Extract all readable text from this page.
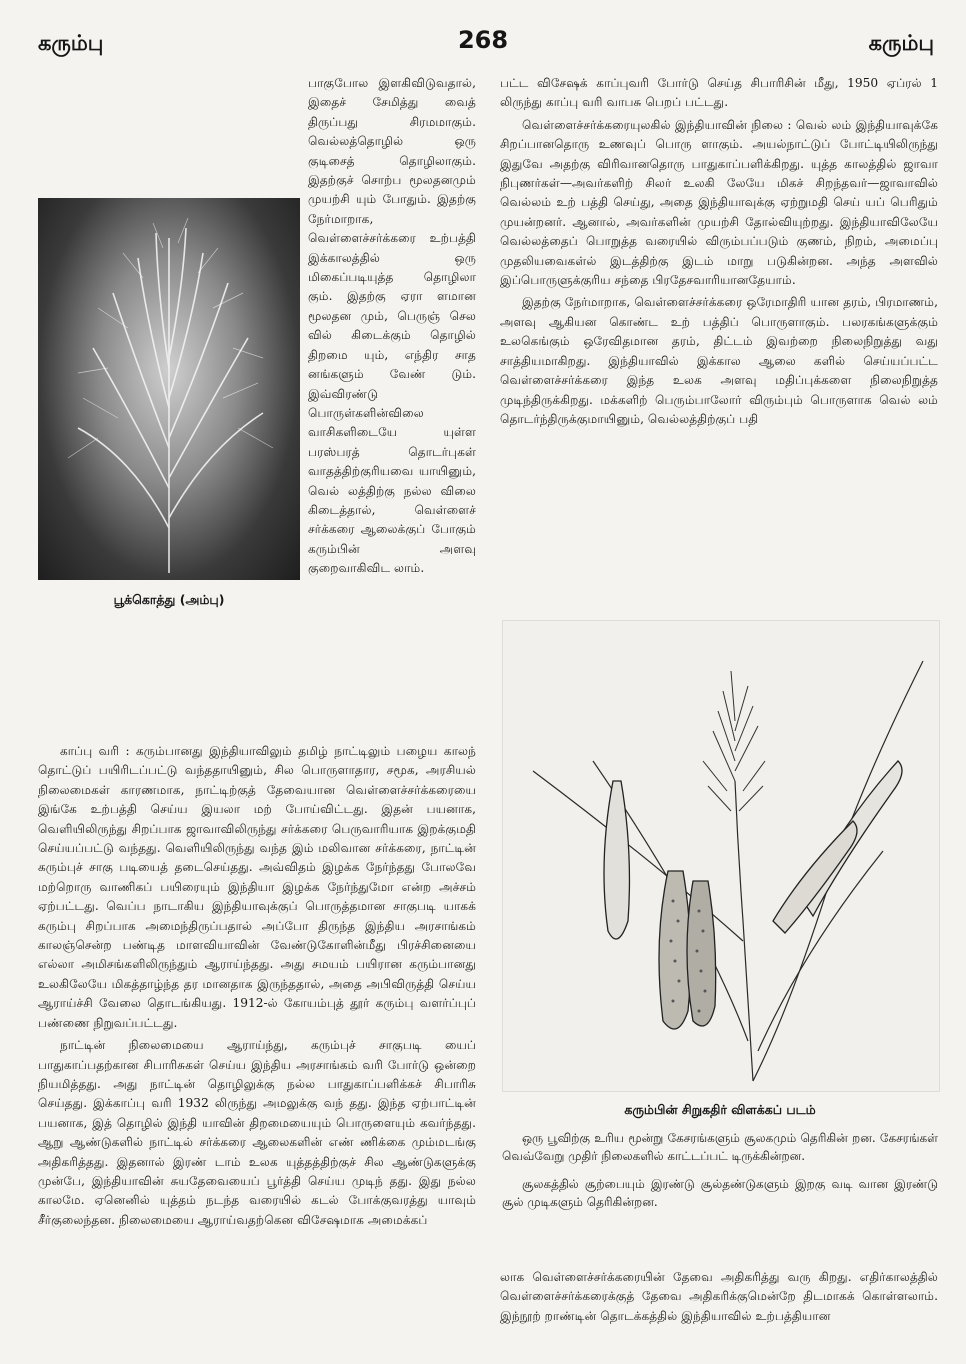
கரும்பு	268	கரும்பு
பூக்கொத்து (அம்பு)

பாகுபோல இளகிவிடுவதால், இதைச் சேமித்து வைத் திருப்பது சிரமமாகும். வெல்லத்தொழில் ஒரு குடிசைத் தொழிலாகும். இதற்குச் சொற்ப மூலதனமும் முயற்சி யும் போதும். இதற்கு நேர்மாறாக, வெள்ளைச்சர்க்கரை உற்பத்தி இக்காலத்தில் ஒரு மிகைப்படியுத்த தொழிலா கும். இதற்கு ஏரா ளமான மூலதன மும், பெருஞ் செல வில் கிடைக்கும் தொழில் திறமை யும், எந்திர சாத னங்களும் வேண் டும். இவ்விரண்டு பொருள்களின்விலை வாசிகளிடையே யுள்ள பரஸ்பரத் தொடர்புகள் வாதத்திற்குரியவை யாயினும், வெல் லத்திற்கு நல்ல விலை கிடைத்தால், வெள்ளைச் சர்க்கரை ஆலைக்குப் போகும் கரும்பின் அளவு குறைவாகிவிட லாம்.

காப்பு வரி : கரும்பானது இந்தியாவிலும் தமிழ் நாட்டிலும் பழைய காலந் தொட்டுப் பயிரிடப்பட்டு வந்ததாயினும், சில பொருளாதார, சமூக, அரசியல் நிலைமைகள் காரணமாக, நாட்டிற்குத் தேவையான வெள்ளைச்சர்க்கரையை இங்கே உற்பத்தி செய்ய இயலா மற் போய்விட்டது. இதன் பயனாக, வெளியிலிருந்து சிறப்பாக ஜாவாவிலிருந்து சர்க்கரை பெருவாரியாக இறக்குமதி செய்யப்பட்டு வந்தது. வெளியிலிருந்து வந்த இம் மலிவான சர்க்கரை, நாட்டின் கரும்புச் சாகு படியைத் தடைசெய்தது. அவ்விதம் இழக்க நேர்ந்தது போலவே மற்றொரு வாணிகப் பயிரையும் இந்தியா இழக்க நேர்ந்துமோ என்ற அச்சம் ஏற்பட்டது. வெப்ப நாடாகிய இந்தியாவுக்குப் பொருத்தமான சாகுபடி யாகக் கரும்பு சிறப்பாக அமைந்திருப்பதால் அப்போ திருந்த இந்திய அரசாங்கம் காலஞ்சென்ற பண்டித மாளவியாவின் வேண்டுகோளின்மீது பிரச்சினையை எல்லா அமிசங்களிலிருந்தும் ஆராய்ந்தது. அது சமயம் பயிரான கரும்பானது உலகிலேயே மிகத்தாழ்ந்த தர மானதாக இருந்ததால், அதை அபிவிருத்தி செய்ய ஆராய்ச்சி வேலை தொடங்கியது. 1912-ல் கோயம்புத் தூர் கரும்பு வளர்ப்புப் பண்ணை நிறுவப்பட்டது.

நாட்டின் நிலைமையை ஆராய்ந்து, கரும்புச் சாகுபடி யைப் பாதுகாப்பதற்கான சிபாரிசுகள் செய்ய இந்திய அரசாங்கம் வரி போர்டு ஒன்றை நியமித்தது. அது நாட்டின் தொழிலுக்கு நல்ல பாதுகாப்பளிக்கச் சிபாரிசு செய்தது. இக்காப்பு வரி 1932 லிருந்து அமலுக்கு வந் தது. இந்த ஏற்பாட்டின் பயனாக, இத் தொழில் இந்தி யாவின் திறமையையும் பொருளையும் கவர்ந்தது. ஆறு ஆண்டுகளில் நாட்டில் சர்க்கரை ஆலைகளின் எண் ணிக்கை மும்மடங்கு அதிகரித்தது. இதனால் இரண் டாம் உலக யுத்தத்திற்குச் சில ஆண்டுகளுக்கு முன்பே, இந்தியாவின் சுயதேவையைப் பூர்த்தி செய்ய முடிந் தது. இது நல்ல காலமே. ஏனெனில் யுத்தம் நடந்த வரையில் கடல் போக்குவரத்து யாவும் சீர்குலைந்தன. நிலைமையை ஆராய்வதற்கென விசேஷமாக அமைக்கப்

பட்ட விசேஷக் காப்புவரி போர்டு செய்த சிபாரிசின் மீது, 1950 ஏப்ரல் 1 லிருந்து காப்பு வரி வாபசு பெறப் பட்டது.

வெள்ளைச்சர்க்கரையுலகில் இந்தியாவின் நிலை : வெல் லம் இந்தியாவுக்கே சிறப்பானதொரு உணவுப் பொரு ளாகும். அயல்நாட்டுப் போட்டியிலிருந்து இதுவே அதற்கு விரிவானதொரு பாதுகாப்பளிக்கிறது. யுத்த காலத்தில் ஜாவா நிபுணர்கள்—அவர்களிற் சிலர் உலகி லேயே மிகச் சிறந்தவர்—ஜாவாவில் வெல்லம் உற் பத்தி செய்து, அதை இந்தியாவுக்கு ஏற்றுமதி செய் யப் பெரிதும் முயன்றனர். ஆனால், அவர்களின் முயற்சி தோல்வியுற்றது. இந்தியாவிலேயே வெல்லத்தைப் பொறுத்த வரையில் விரும்பப்படும் குணம், நிறம், அமைப்பு முதலியவைகள்ல் இடத்திற்கு இடம் மாறு படுகின்றன. அந்த அளவில் இப்பொருளுக்குரிய சந்தை பிரதேசவாரியானதேயாம்.

இதற்கு நேர்மாறாக, வெள்ளைச்சர்க்கரை ஒரேமாதிரி யான தரம், பிரமாணம், அளவு ஆகியன கொண்ட உற் பத்திப் பொருளாகும். பலரகங்களுக்கும் உலகெங்கும் ஒரேவிதமான தரம், திட்டம் இவற்றை நிலைநிறுத்து வது சாத்தியமாகிறது. இந்தியாவில் இக்கால ஆலை களில் செய்யப்பட்ட வெள்ளைச்சர்க்கரை இந்த உலக அளவு மதிப்புக்களை நிலைநிறுத்த முடிந்திருக்கிறது. மக்களிற் பெரும்பாலோர் விரும்பும் பொருளாக வெல் லம் தொடர்ந்திருக்குமாயினும், வெல்லத்திற்குப் பதி

கரும்பின் சிறுகதிர் விளக்கப் படம்

ஒரு பூவிற்கு உரிய மூன்று கேசரங்களும் சூலகமும் தெரிகின் றன. கேசரங்கள் வெவ்வேறு முதிர் நிலைகளில் காட்டப்பட் டிருக்கின்றன.

சூலகத்தில் சூற்பையும் இரண்டு சூல்தண்டுகளும் இறகு வடி வான இரண்டு சூல் முடிகளும் தெரிகின்றன.

லாக வெள்ளைச்சர்க்கரையின் தேவை அதிகரித்து வரு கிறது. எதிர்காலத்தில் வெள்ளைச்சர்க்கரைக்குத் தேவை அதிகரிக்குமென்றே திடமாகக் கொள்ளலாம். இந்நூற் றாண்டின் தொடக்கத்தில் இந்தியாவில் உற்பத்தியான
